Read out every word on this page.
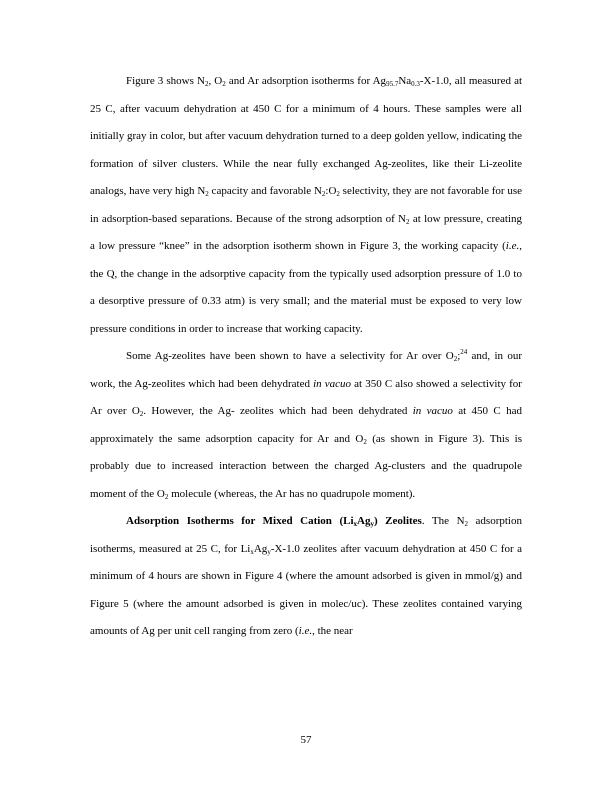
Figure 3 shows $N_2$, $O_2$ and Ar adsorption isotherms for $Ag_{95.7}Na_{0.3}-X-1.0$, all measured at 25 C, after vacuum dehydration at 450 C for a minimum of 4 hours. These samples were all initially gray in color, but after vacuum dehydration turned to a deep golden yellow, indicating the formation of silver clusters. While the near fully exchanged Ag-zeolites, like their Li-zeolite analogs, have very high $N_2$ capacity and favorable $N_2:O_2$ selectivity, they are not favorable for use in adsorption-based separations. Because of the strong adsorption of $N_2$ at low pressure, creating a low pressure “knee” in the adsorption isotherm shown in Figure 3, the working capacity (i.e., the Q, the change in the adsorptive capacity from the typically used adsorption pressure of 1.0 to a desorptive pressure of 0.33 atm) is very small; and the material must be exposed to very low pressure conditions in order to increase that working capacity.

Some Ag-zeolites have been shown to have a selectivity for Ar over $O_2;^{24}$ and, in our work, the Ag-zeolites which had been dehydrated in vacuo at 350 C also showed a selectivity for Ar over $O_2$. However, the Ag- zeolites which had been dehydrated in vacuo at 450 C had approximately the same adsorption capacity for Ar and $O_2$ (as shown in Figure 3). This is probably due to increased interaction between the charged Ag-clusters and the quadrupole moment of the $O_2$ molecule (whereas, the Ar has no quadrupole moment).

Adsorption Isotherms for Mixed Cation $(Li_xAg_y)$ Zeolites. The $N_2$ adsorption isotherms, measured at 25 C, for $Li_xAg_y-X-1.0$ zeolites after vacuum dehydration at 450 C for a minimum of 4 hours are shown in Figure 4 (where the amount adsorbed is given in mmol/g) and Figure 5 (where the amount adsorbed is given in molec/uc). These zeolites contained varying amounts of Ag per unit cell ranging from zero (i.e., the near

57
